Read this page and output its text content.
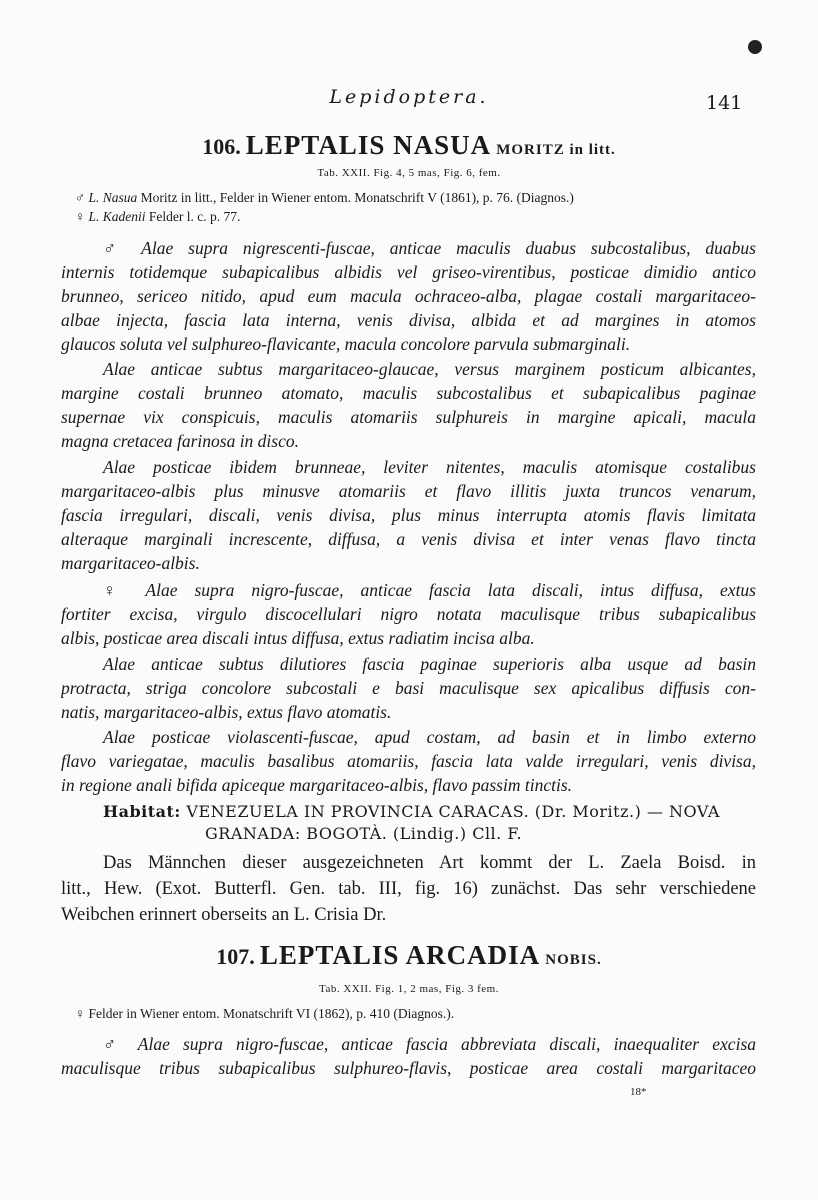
Lepidoptera.	141
106. LEPTALIS NASUA MORITZ in litt.
Tab. XXII. Fig. 4, 5 mas, Fig. 6, fem.
♂ L. Nasua Moritz in litt., Felder in Wiener entom. Monatschrift V (1861), p. 76. (Diagnos.)
♀ L. Kadenii Felder l. c. p. 77.
♂ Alae supra nigrescenti-fuscae, anticae maculis duabus subcostalibus, duabus
internis totidemque subapicalibus albidis vel griseo-virentibus, posticae dimidio antico
brunneo, sericeo nitido, apud eum macula ochraceo-alba, plagae costali margaritaceo-
albae injecta, fascia lata interna, venis divisa, albida et ad margines in atomos
glaucos soluta vel sulphureo-flavicante, macula concolore parvula submarginali.
Alae anticae subtus margaritaceo-glaucae, versus marginem posticum albicantes,
margine costali brunneo atomato, maculis subcostalibus et subapicalibus paginae
supernae vix conspicuis, maculis atomariis sulphureis in margine apicali, macula
magna cretacea farinosa in disco.
Alae posticae ibidem brunneae, leviter nitentes, maculis atomisque costalibus
margaritaceo-albis plus minusve atomariis et flavo illitis juxta truncos venarum,
fascia irregulari, discali, venis divisa, plus minus interrupta atomis flavis limitata
alteraque marginali increscente, diffusa, a venis divisa et inter venas flavo tincta
margaritaceo-albis.
♀ Alae supra nigro-fuscae, anticae fascia lata discali, intus diffusa, extus
fortiter excisa, virgulo discocellulari nigro notata maculisque tribus subapicalibus
albis, posticae area discali intus diffusa, extus radiatim incisa alba.
Alae anticae subtus dilutiores fascia paginae superioris alba usque ad basin
protracta, striga concolore subcostali e basi maculisque sex apicalibus diffusis con-
natis, margaritaceo-albis, extus flavo atomatis.
Alae posticae violascenti-fuscae, apud costam, ad basin et in limbo externo
flavo variegatae, maculis basalibus atomariis, fascia lata valde irregulari, venis divisa,
in regione anali bifida apiceque margaritaceo-albis, flavo passim tinctis.
Habitat: VENEZUELA IN PROVINCIA CARACAS. (Dr. Moritz.) — NOVA
GRANADA: BOGOTÀ. (Lindig.) Cll. F.
Das Männchen dieser ausgezeichneten Art kommt der L. Zaela Boisd. in
litt., Hew. (Exot. Butterfl. Gen. tab. III, fig. 16) zunächst. Das sehr verschiedene
Weibchen erinnert oberseits an L. Crisia Dr.
107. LEPTALIS ARCADIA NOBIS.
Tab. XXII. Fig. 1, 2 mas, Fig. 3 fem.
♀ Felder in Wiener entom. Monatschrift VI (1862), p. 410 (Diagnos.).
♂ Alae supra nigro-fuscae, anticae fascia abbreviata discali, inaequaliter excisa
maculisque tribus subapicalibus sulphureo-flavis, posticae area costali margaritaceo
18*
